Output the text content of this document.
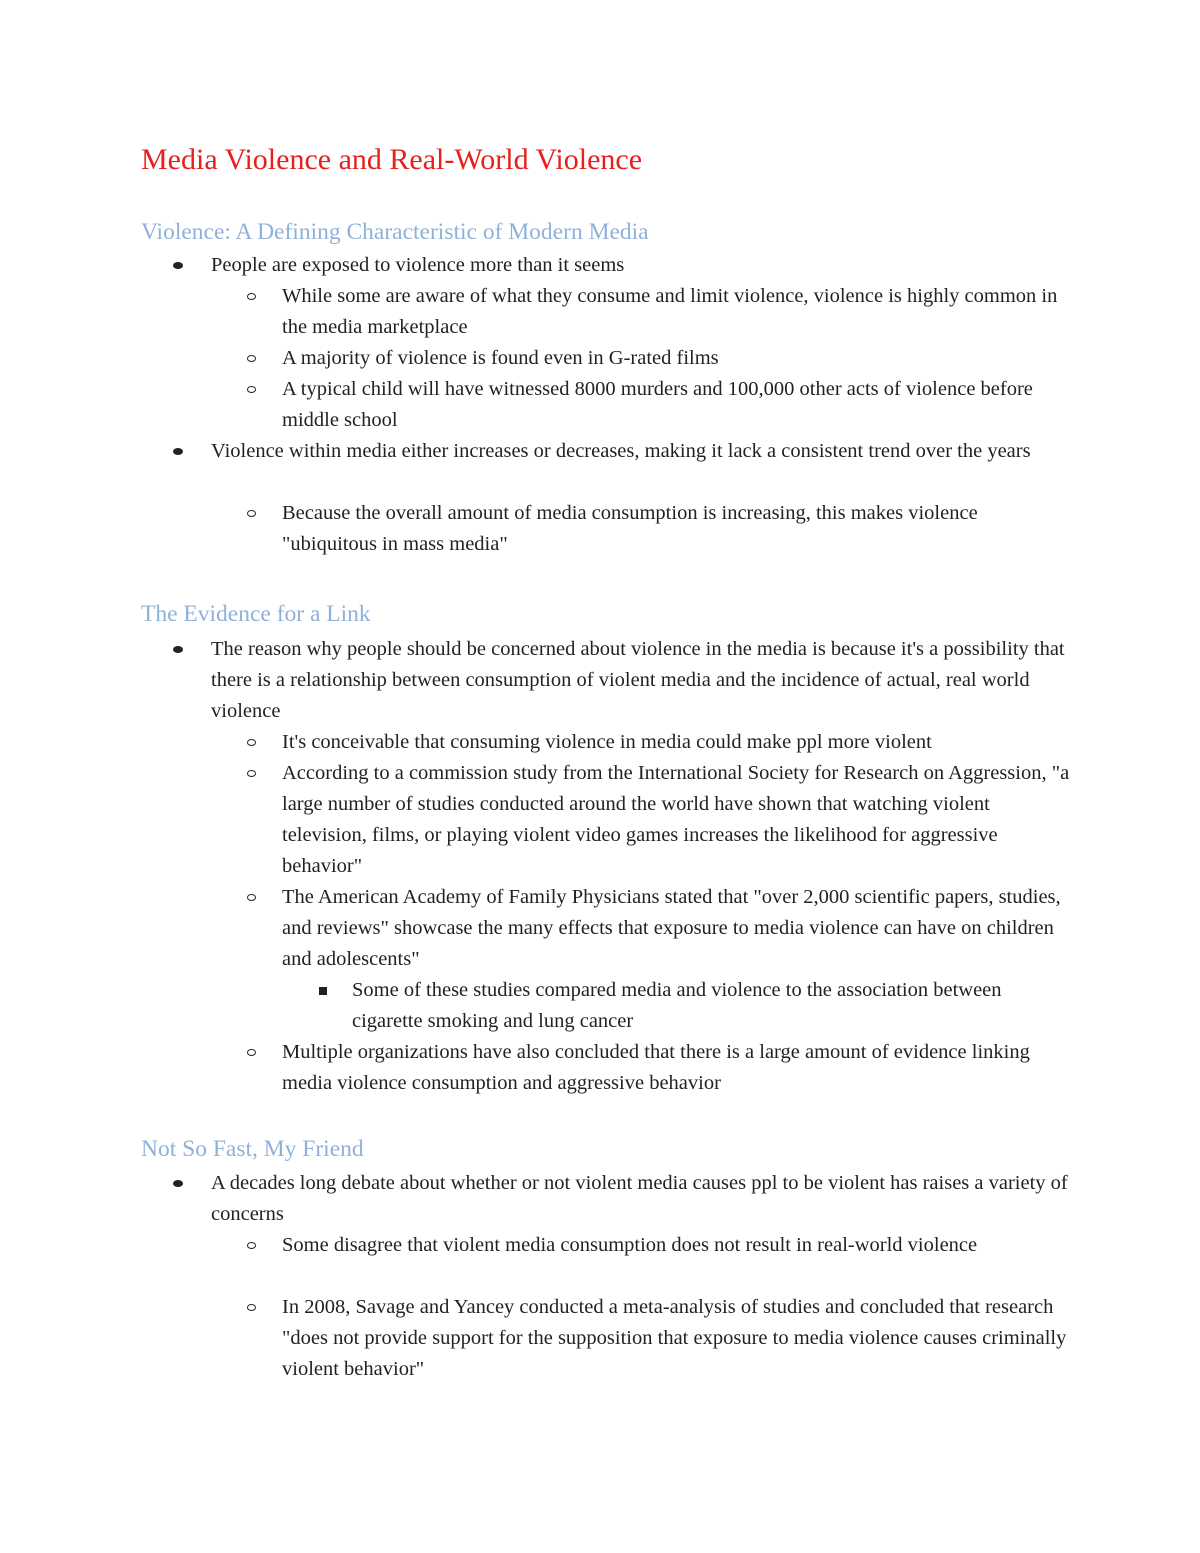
Media Violence and Real-World Violence
Violence: A Defining Characteristic of Modern Media
People are exposed to violence more than it seems
While some are aware of what they consume and limit violence, violence is highly common in the media marketplace
A majority of violence is found even in G-rated films
A typical child will have witnessed 8000 murders and 100,000 other acts of violence before middle school
Violence within media either increases or decreases, making it lack a consistent trend over the years
Because the overall amount of media consumption is increasing, this makes violence "ubiquitous in mass media"
The Evidence for a Link
The reason why people should be concerned about violence in the media is because it's a possibility that there is a relationship between consumption of violent media and the incidence of actual, real world violence
It's conceivable that consuming violence in media could make ppl more violent
According to a commission study from the International Society for Research on Aggression, "a large number of studies conducted around the world have shown that watching violent television, films, or playing violent video games increases the likelihood for aggressive behavior"
The American Academy of Family Physicians stated that "over 2,000 scientific papers, studies, and reviews" showcase the many effects that exposure to media violence can have on children and adolescents"
Some of these studies compared media and violence to the association between cigarette smoking and lung cancer
Multiple organizations have also concluded that there is a large amount of evidence linking media violence consumption and aggressive behavior
Not So Fast, My Friend
A decades long debate about whether or not violent media causes ppl to be violent has raises a variety of concerns
Some disagree that violent media consumption does not result in real-world violence
In 2008, Savage and Yancey conducted a meta-analysis of studies and concluded that research "does not provide support for the supposition that exposure to media violence causes criminally violent behavior"
